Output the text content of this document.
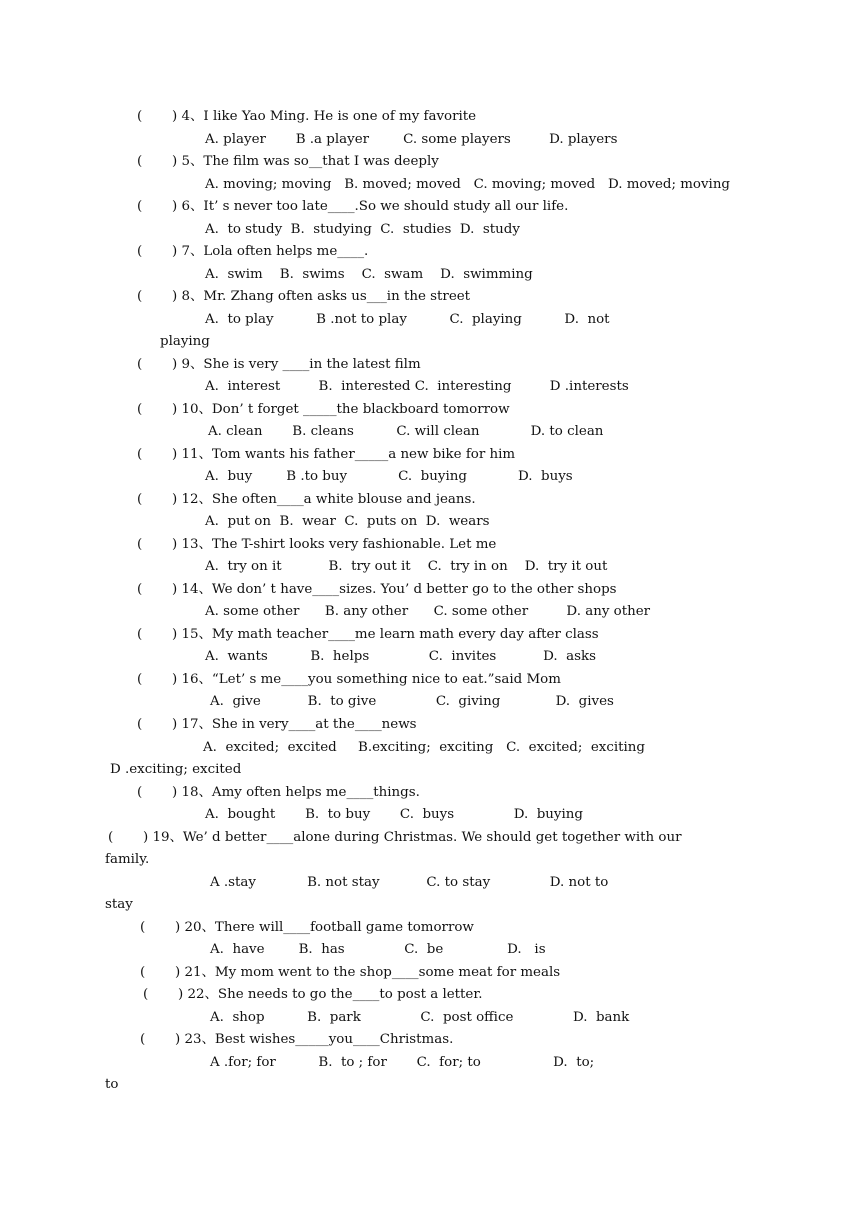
(       ) 4、I like Yao Ming. He is one of my favorite
A. player       B .a player        C. some players         D. players
(       ) 5、The film was so__that I was deeply
A. moving; moving   B. moved; moved   C. moving; moved   D. moved; moving
(       ) 6、It’ s never too late____.So we should study all our life.
A.  to study  B.  studying  C.  studies  D.  study
(       ) 7、Lola often helps me____.
A.  swim    B.  swims    C.  swam    D.  swimming
(       ) 8、Mr. Zhang often asks us___in the street
A.  to play          B .not to play          C.  playing          D.  not
playing
(       ) 9、She is very ____in the latest film
A.  interest         B.  interested C.  interesting         D .interests
(       ) 10、Don’ t forget _____the blackboard tomorrow
A. clean       B. cleans          C. will clean            D. to clean
(       ) 11、Tom wants his father_____a new bike for him
A.  buy        B .to buy            C.  buying            D.  buys
(       ) 12、She often____a white blouse and jeans.
A.  put on  B.  wear  C.  puts on  D.  wears
(       ) 13、The T-shirt looks very fashionable. Let me
A.  try on it           B.  try out it    C.  try in on    D.  try it out
(       ) 14、We don’ t have____sizes. You’ d better go to the other shops
A. some other      B. any other      C. some other         D. any other
(       ) 15、My math teacher____me learn math every day after class
A.  wants          B.  helps              C.  invites           D.  asks
(       ) 16、“Let’ s me____you something nice to eat.”said Mom
A.  give           B.  to give              C.  giving             D.  gives
(       ) 17、She in very____at the____news
A.  excited;  excited     B.exciting;  exciting   C.  excited;  exciting
D .exciting; excited
(       ) 18、Amy often helps me____things.
A.  bought       B.  to buy       C.  buys              D.  buying
(       ) 19、We’ d better____alone during Christmas. We should get together with our
family.
A .stay            B. not stay           C. to stay              D. not to
stay
(       ) 20、There will____football game tomorrow
A.  have        B.  has              C.  be               D.   is
(       ) 21、My mom went to the shop____some meat for meals
(       ) 22、She needs to go the____to post a letter.
A.  shop          B.  park              C.  post office              D.  bank
(       ) 23、Best wishes_____you____Christmas.
A .for; for          B.  to ; for       C.  for; to                 D.  to;
to
